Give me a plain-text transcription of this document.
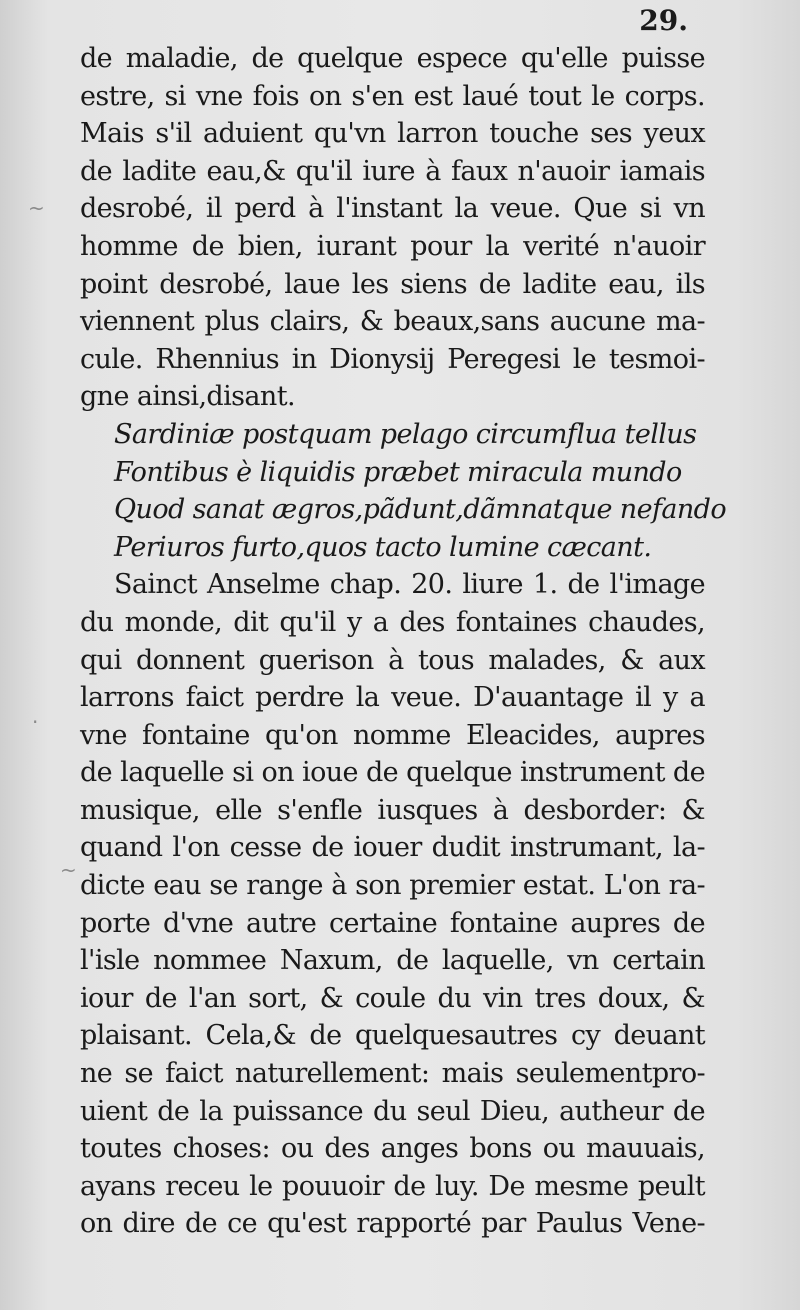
29.
~
·
~
de maladie, de quelque espece qu'elle puisse
estre, si vne fois on s'en est laué tout le corps.
Mais s'il aduient qu'vn larron touche ses yeux
de ladite eau,& qu'il iure à faux n'auoir iamais
desrobé, il perd à l'instant la veue. Que si vn
homme de bien, iurant pour la verité n'auoir
point desrobé, laue les siens de ladite eau, ils
viennent plus clairs, & beaux,sans aucune ma-
cule. Rhennius in Dionysij Peregesi le tesmoi-
gne ainsi,disant.
Sardiniæ postquam pelago circumflua tellus
Fontibus è liquidis præbet miracula mundo
Quod sanat ægros,pãdunt,dãmnatque nefando
Periuros furto,quos tacto lumine cæcant.
Sainct Anselme chap. 20. liure 1. de l'image
du monde, dit qu'il y a des fontaines chaudes,
qui donnent guerison à tous malades, & aux
larrons faict perdre la veue. D'auantage il y a
vne fontaine qu'on nomme Eleacides, aupres
de laquelle si on ioue de quelque instrument de
musique, elle s'enfle iusques à desborder: &
quand l'on cesse de iouer dudit instrumant, la-
dicte eau se range à son premier estat. L'on ra-
porte d'vne autre certaine fontaine aupres de
l'isle nommee Naxum, de laquelle, vn certain
iour de l'an sort, & coule du vin tres doux, &
plaisant. Cela,& de quelquesautres cy deuant
ne se faict naturellement: mais seulementpro-
uient de la puissance du seul Dieu, autheur de
toutes choses: ou des anges bons ou mauuais,
ayans receu le pouuoir de luy. De mesme peult
on dire de ce qu'est rapporté par Paulus Vene-
